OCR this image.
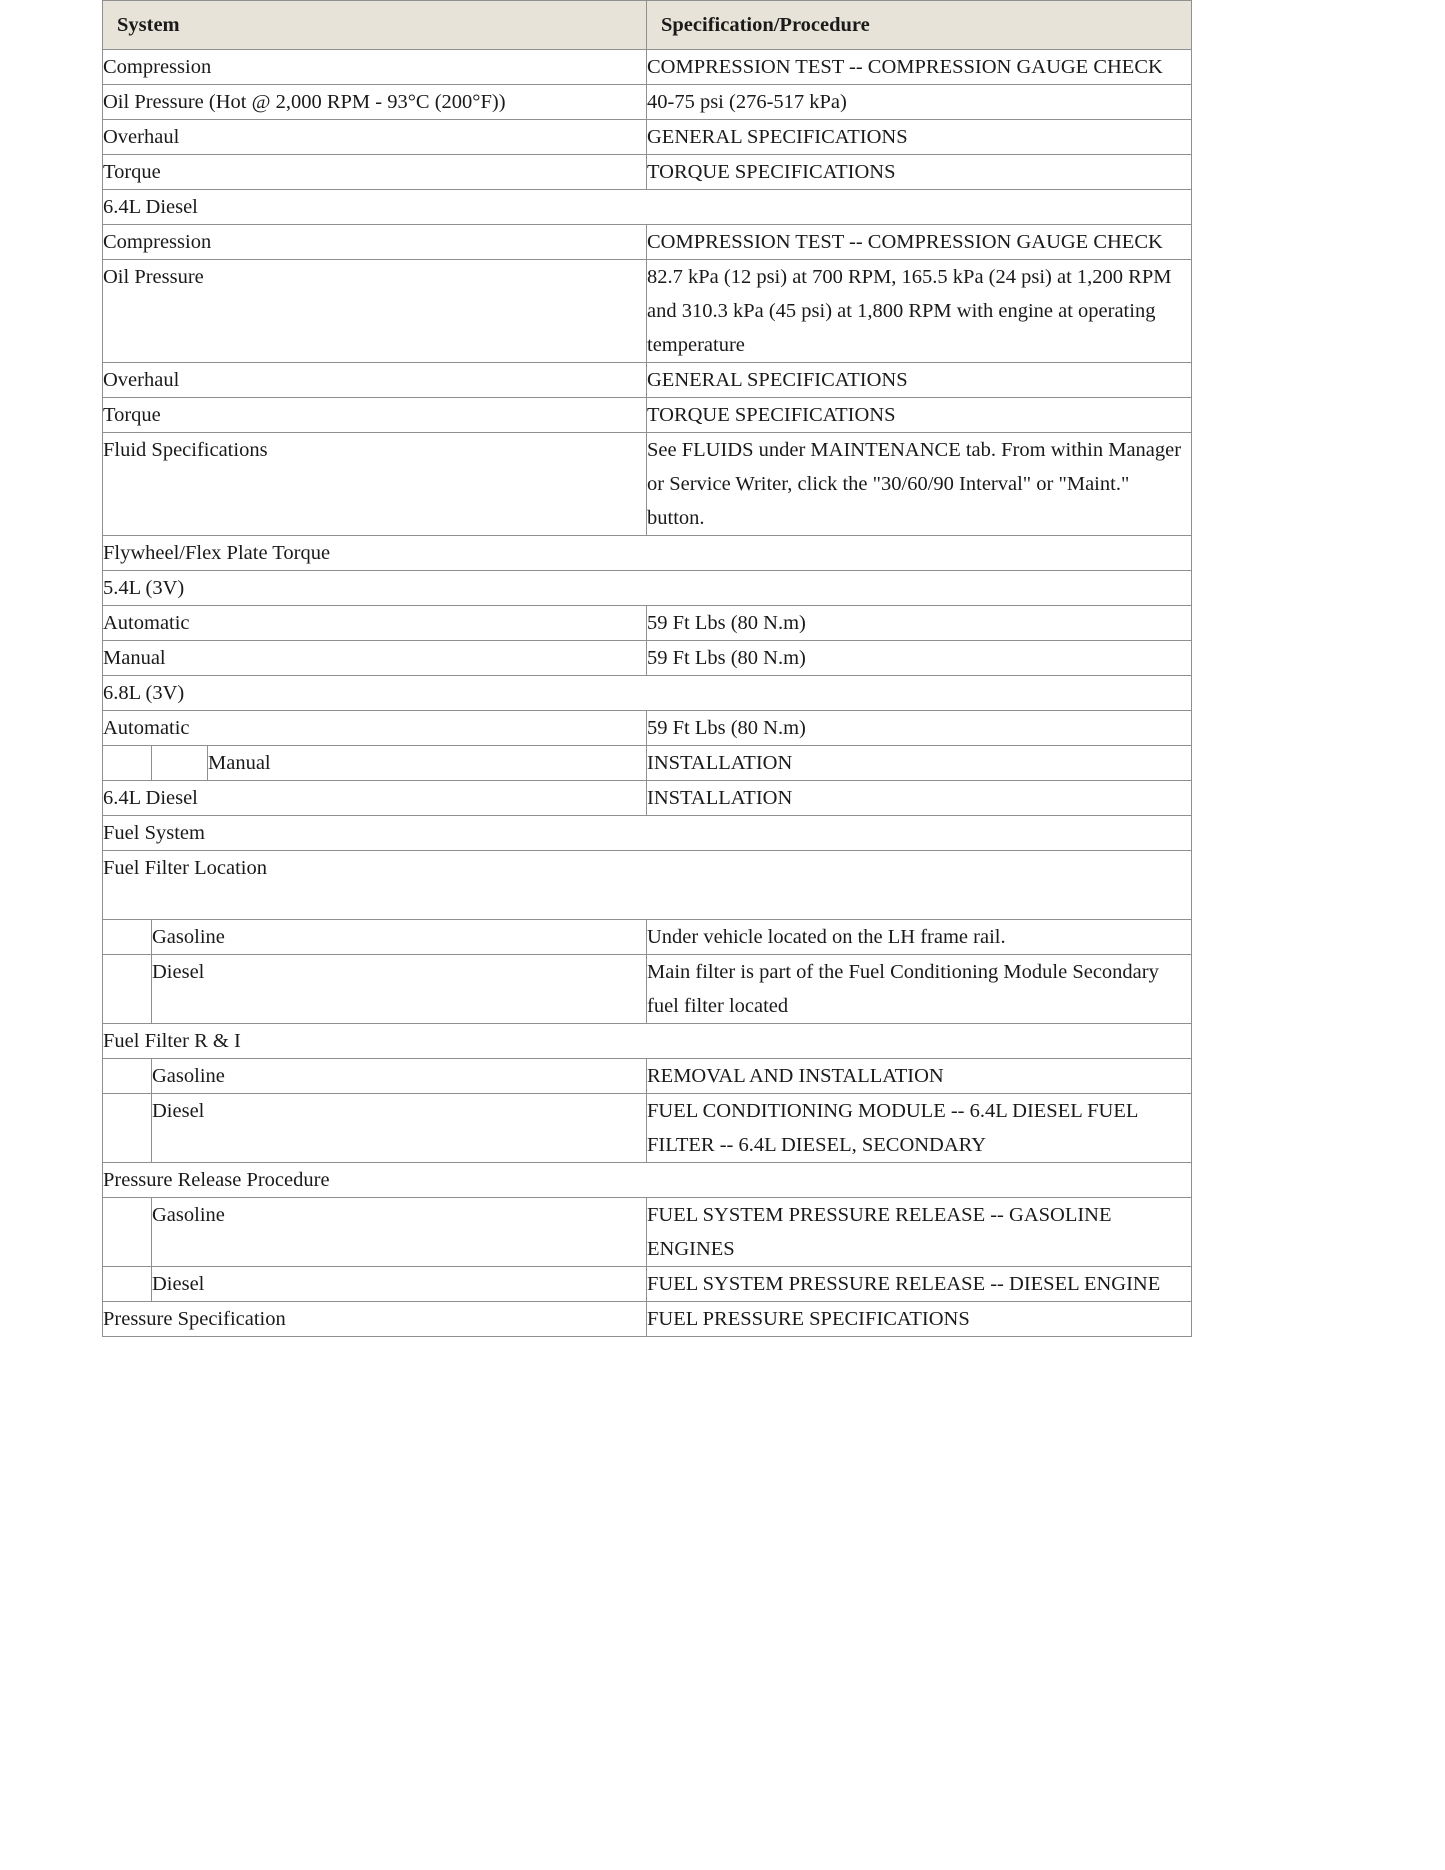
System			Specification/Procedure
Compression			COMPRESSION TEST -- COMPRESSION GAUGE CHECK
Oil Pressure (Hot @ 2,000 RPM - 93°C (200°F))			40-75 psi (276-517 kPa)
Overhaul			GENERAL SPECIFICATIONS
Torque			TORQUE SPECIFICATIONS
6.4L Diesel			
Compression			COMPRESSION TEST -- COMPRESSION GAUGE CHECK
Oil Pressure			82.7 kPa (12 psi) at 700 RPM, 165.5 kPa (24 psi) at 1,200 RPM and 310.3 kPa (45 psi) at 1,800 RPM with engine at operating temperature
Overhaul			GENERAL SPECIFICATIONS
Torque			TORQUE SPECIFICATIONS
Fluid Specifications			See FLUIDS under MAINTENANCE tab. From within Manager or Service Writer, click the "30/60/90 Interval" or "Maint." button.
Flywheel/Flex Plate Torque			
5.4L (3V)			
Automatic			59 Ft Lbs (80 N.m)
Manual			59 Ft Lbs (80 N.m)
6.8L (3V)			
Automatic			59 Ft Lbs (80 N.m)
		Manual	INSTALLATION
6.4L Diesel			INSTALLATION
Fuel System			
Fuel Filter Location			
	Gasoline		Under vehicle located on the LH frame rail.
	Diesel		Main filter is part of the Fuel Conditioning Module Secondary fuel filter located
Fuel Filter R & I			
	Gasoline		REMOVAL AND INSTALLATION
	Diesel		FUEL CONDITIONING MODULE -- 6.4L DIESEL FUEL FILTER -- 6.4L DIESEL, SECONDARY
Pressure Release Procedure			
	Gasoline		FUEL SYSTEM PRESSURE RELEASE -- GASOLINE ENGINES
	Diesel		FUEL SYSTEM PRESSURE RELEASE -- DIESEL ENGINE
Pressure Specification			FUEL PRESSURE SPECIFICATIONS
